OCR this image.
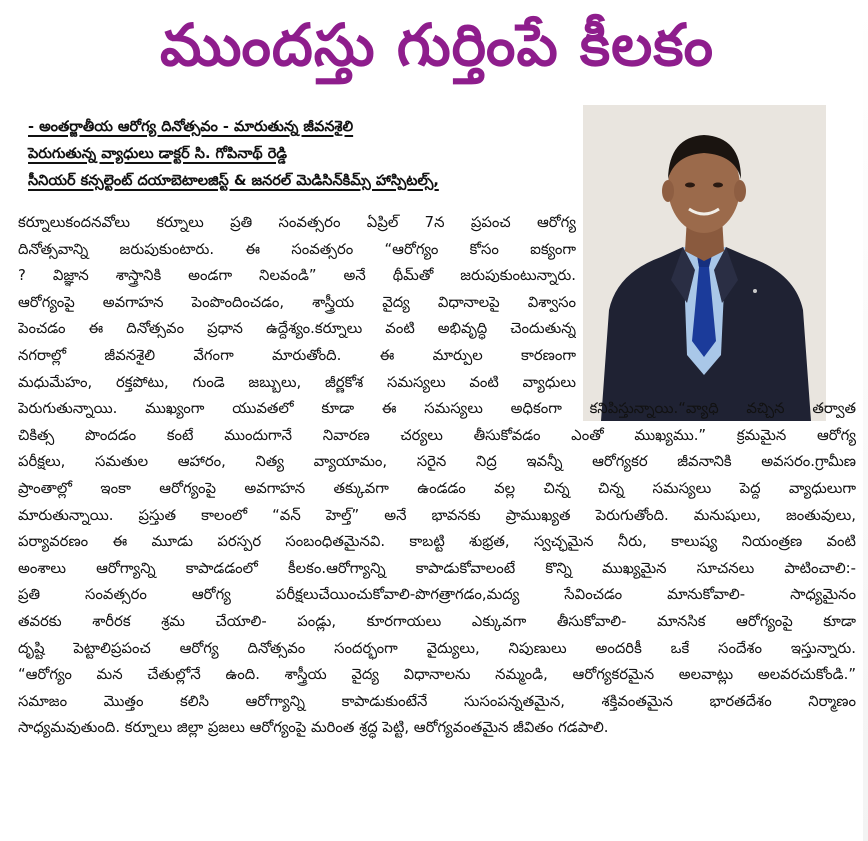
ముందస్తు గుర్తింపే కీలకం
- అంతర్జాతీయ ఆరోగ్య దినోత్సవం - మారుతున్న జీవనశైలి
పెరుగుతున్న వ్యాధులు డాక్టర్ సి. గోపినాథ్ రెడ్డి
సీనియర్ కన్సల్టెంట్ దయాబెటాలజిస్ట్ & జనరల్ మెడిసిన్‌కిమ్స్ హాస్పిటల్స్,
కర్నూలుకందనవోలు కర్నూలు ప్రతి సంవత్సరం ఏప్రిల్ 7న ప్రపంచ ఆరోగ్య
దినోత్సవాన్ని జరుపుకుంటారు. ఈ సంవత్సరం “ఆరోగ్యం కోసం ఐక్యంగా
? విజ్ఞాన శాస్త్రానికి అండగా నిలవండి” అనే థీమ్‌తో జరుపుకుంటున్నారు.
ఆరోగ్యంపై అవగాహన పెంపొందించడం, శాస్త్రీయ వైద్య విధానాలపై విశ్వాసం
పెంచడం ఈ దినోత్సవం ప్రధాన ఉద్దేశ్యం.కర్నూలు వంటి అభివృద్ధి చెందుతున్న
నగరాల్లో జీవనశైలి వేగంగా మారుతోంది. ఈ మార్పుల కారణంగా
మధుమేహం, రక్తపోటు, గుండె జబ్బులు, జీర్ణకోశ సమస్యలు వంటి వ్యాధులు
పెరుగుతున్నాయి. ముఖ్యంగా యువతలో కూడా ఈ సమస్యలు అధికంగా కనిపిస్తున్నాయి.“వ్యాధి వచ్చిన తర్వాత
చికిత్స పొందడం కంటే ముందుగానే నివారణ చర్యలు తీసుకోవడం ఎంతో ముఖ్యము.” క్రమమైన ఆరోగ్య
పరీక్షలు, సమతుల ఆహారం, నిత్య వ్యాయామం, సరైన నిద్ర ఇవన్నీ ఆరోగ్యకర జీవనానికి అవసరం.గ్రామీణ
ప్రాంతాల్లో ఇంకా ఆరోగ్యంపై అవగాహన తక్కువగా ఉండడం వల్ల చిన్న చిన్న సమస్యలు పెద్ద వ్యాధులుగా
మారుతున్నాయి. ప్రస్తుత కాలంలో “వన్ హెల్త్” అనే భావనకు ప్రాముఖ్యత పెరుగుతోంది. మనుషులు, జంతువులు,
పర్యావరణం ఈ మూడు పరస్పర సంబంధితమైనవి. కాబట్టి శుభ్రత, స్వచ్ఛమైన నీరు, కాలుష్య నియంత్రణ వంటి
అంశాలు ఆరోగ్యాన్ని కాపాడడంలో కీలకం.ఆరోగ్యాన్ని కాపాడుకోవాలంటే కొన్ని ముఖ్యమైన సూచనలు పాటించాలి:-
ప్రతి సంవత్సరం ఆరోగ్య పరీక్షలుచేయించుకోవాలి-పొగత్రాగడం,మద్య సేవించడం మానుకోవాలి- సాధ్యమైనం
తవరకు శారీరక శ్రమ చేయాలి- పండ్లు, కూరగాయలు ఎక్కువగా తీసుకోవాలి- మానసిక ఆరోగ్యంపై కూడా
దృష్టి పెట్టాలిప్రపంచ ఆరోగ్య దినోత్సవం సందర్భంగా వైద్యులు, నిపుణులు అందరికీ ఒకే సందేశం ఇస్తున్నారు.
“ఆరోగ్యం మన చేతుల్లోనే ఉంది. శాస్త్రీయ వైద్య విధానాలను నమ్మండి, ఆరోగ్యకరమైన అలవాట్లు అలవరచుకోండి.”
సమాజం మొత్తం కలిసి ఆరోగ్యాన్ని కాపాడుకుంటేనే సుసంపన్నతమైన, శక్తివంతమైన భారతదేశం నిర్మాణం
సాధ్యమవుతుంది. కర్నూలు జిల్లా ప్రజలు ఆరోగ్యంపై మరింత శ్రద్ధ పెట్టి, ఆరోగ్యవంతమైన జీవితం గడపాలి.
